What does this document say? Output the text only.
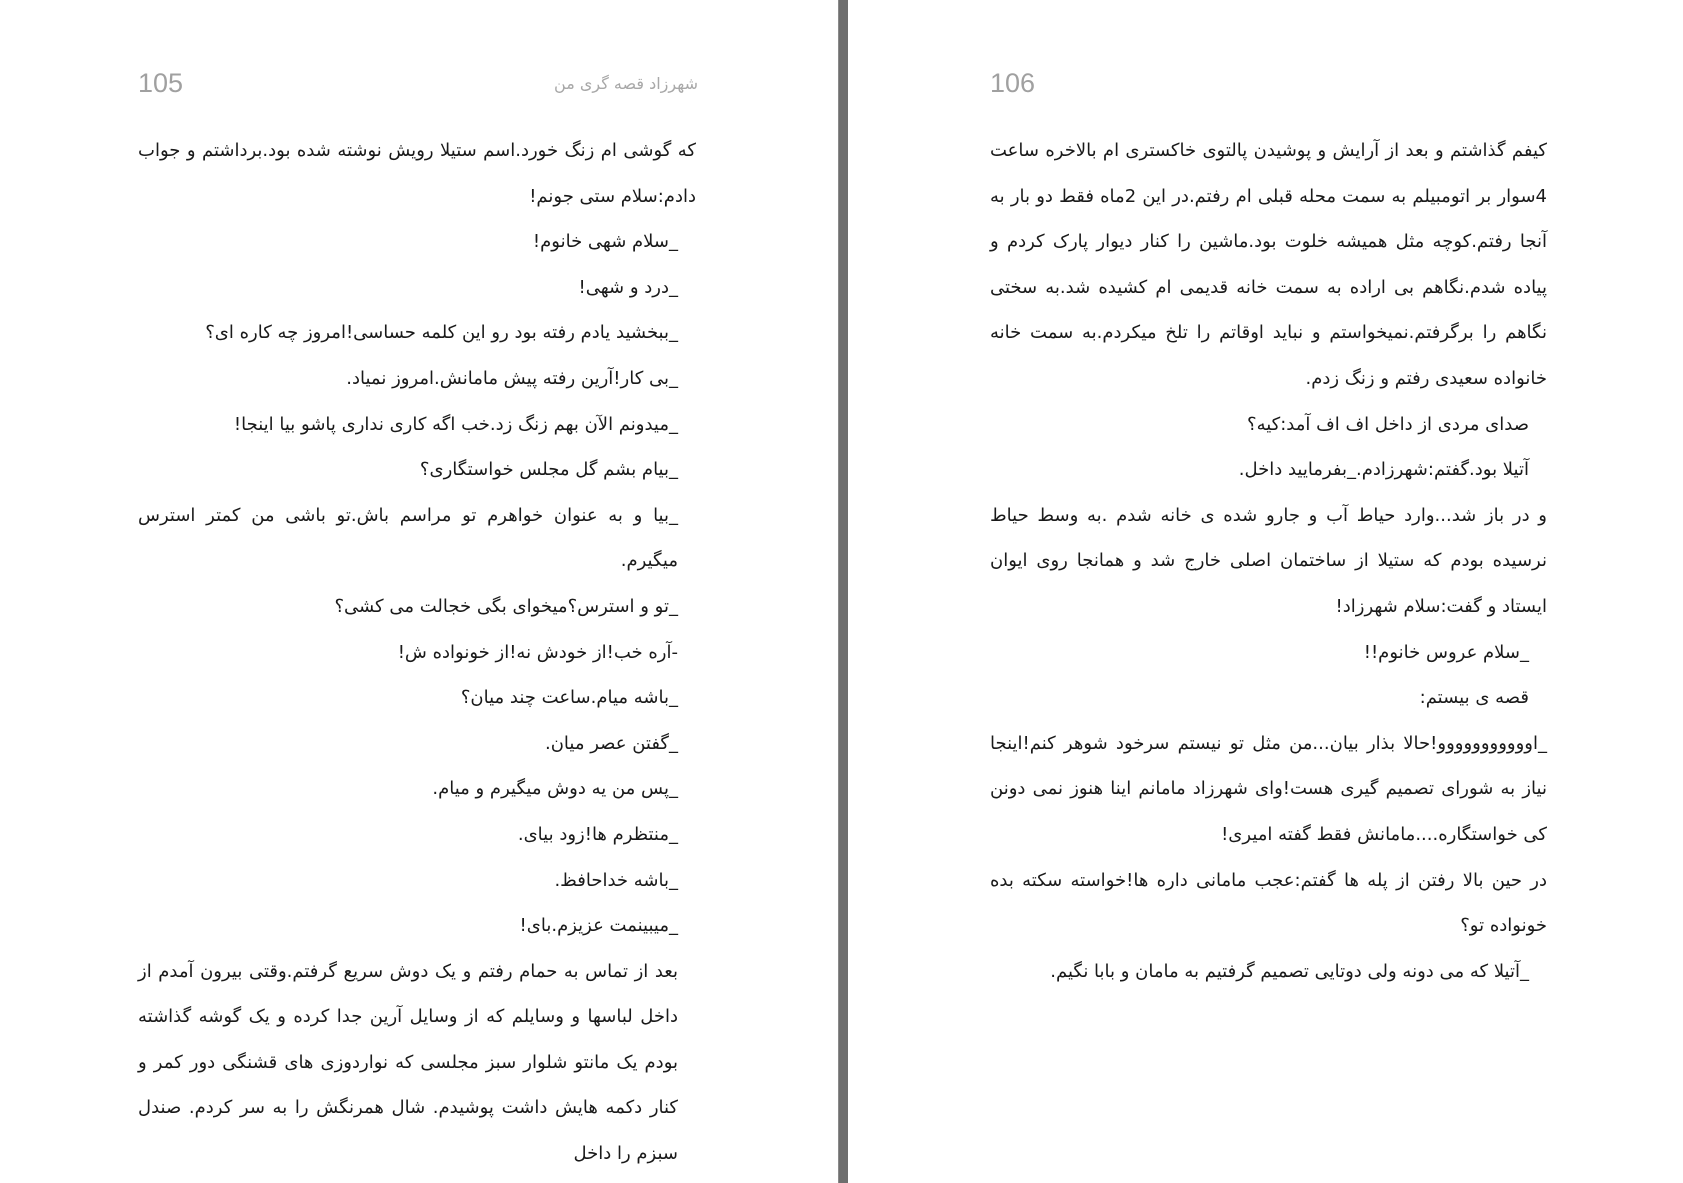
105	شهرزاد قصه گری من

که گوشی ام زنگ خورد.اسم ستیلا رویش نوشته شده بود.برداشتم و جواب دادم:سلام ستی جونم!

_سلام شهی خانوم!

_درد و شهی!

_ببخشید یادم رفته بود رو این کلمه حساسی!امروز چه کاره ای؟

_بی کار!آرین رفته پیش مامانش.امروز نمیاد.

_میدونم الآن بهم زنگ زد.خب اگه کاری نداری پاشو بیا اینجا!

_بیام بشم گل مجلس خواستگاری؟

_بیا و به عنوان خواهرم تو مراسم باش.تو باشی من کمتر استرس میگیرم.

_تو و استرس؟میخوای بگی خجالت می کشی؟

-آره خب!از خودش نه!از خونواده ش!

_باشه میام.ساعت چند میان؟

_گفتن عصر میان.

_پس من یه دوش میگیرم و میام.

_منتظرم ها!زود بیای.

_باشه خداحافظ.

_میبینمت عزیزم.بای!

بعد از تماس به حمام رفتم و یک دوش سریع گرفتم.وقتی بیرون آمدم از داخل لباسها و وسایلم که از وسایل آرین جدا کرده و یک گوشه گذاشته بودم یک مانتو شلوار سبز مجلسی که نواردوزی های قشنگی دور کمر و کنار دکمه هایش داشت پوشیدم. شال همرنگش را به سر کردم. صندل سبزم را داخل

106

کیفم گذاشتم و بعد از آرایش و پوشیدن پالتوی خاکستری ام بالاخره ساعت 4سوار بر اتومبیلم به سمت محله قبلی ام رفتم.در این 2ماه فقط دو بار به آنجا رفتم.کوچه مثل همیشه خلوت بود.ماشین را کنار دیوار پارک کردم و پیاده شدم.نگاهم بی اراده به سمت خانه قدیمی ام کشیده شد.به سختی نگاهم را برگرفتم.نمیخواستم و نباید اوقاتم را تلخ میکردم.به سمت خانه خانواده سعیدی رفتم و زنگ زدم.

صدای مردی از داخل اف اف آمد:کیه؟

آتیلا بود.گفتم:شهرزادم._بفرمایید داخل.

و در باز شد...وارد حیاط آ‌ب و جارو شده ی خانه شدم .به وسط حیاط نرسیده بودم که ستیلا از ساختمان اصلی خارج شد و همانجا روی ایوان ایستاد و گفت:سلام شهرزاد!

_سلام عروس خانوم!!

قصه ی بیستم:

_اووووووووووو!حالا بذار بیان...من مثل تو نیستم سرخود شوهر کنم!اینجا نیاز به شورای تصمیم گیری هست!وای شهرزاد مامانم اینا هنوز نمی دونن کی خواستگاره....مامانش فقط گفته امیری!

در حین بالا رفتن از پله ها گفتم:عجب مامانی داره ها!خواسته سکته بده خونواده تو؟

_آتیلا که می دونه ولی دوتایی تصمیم گرفتیم به مامان و بابا نگیم.
